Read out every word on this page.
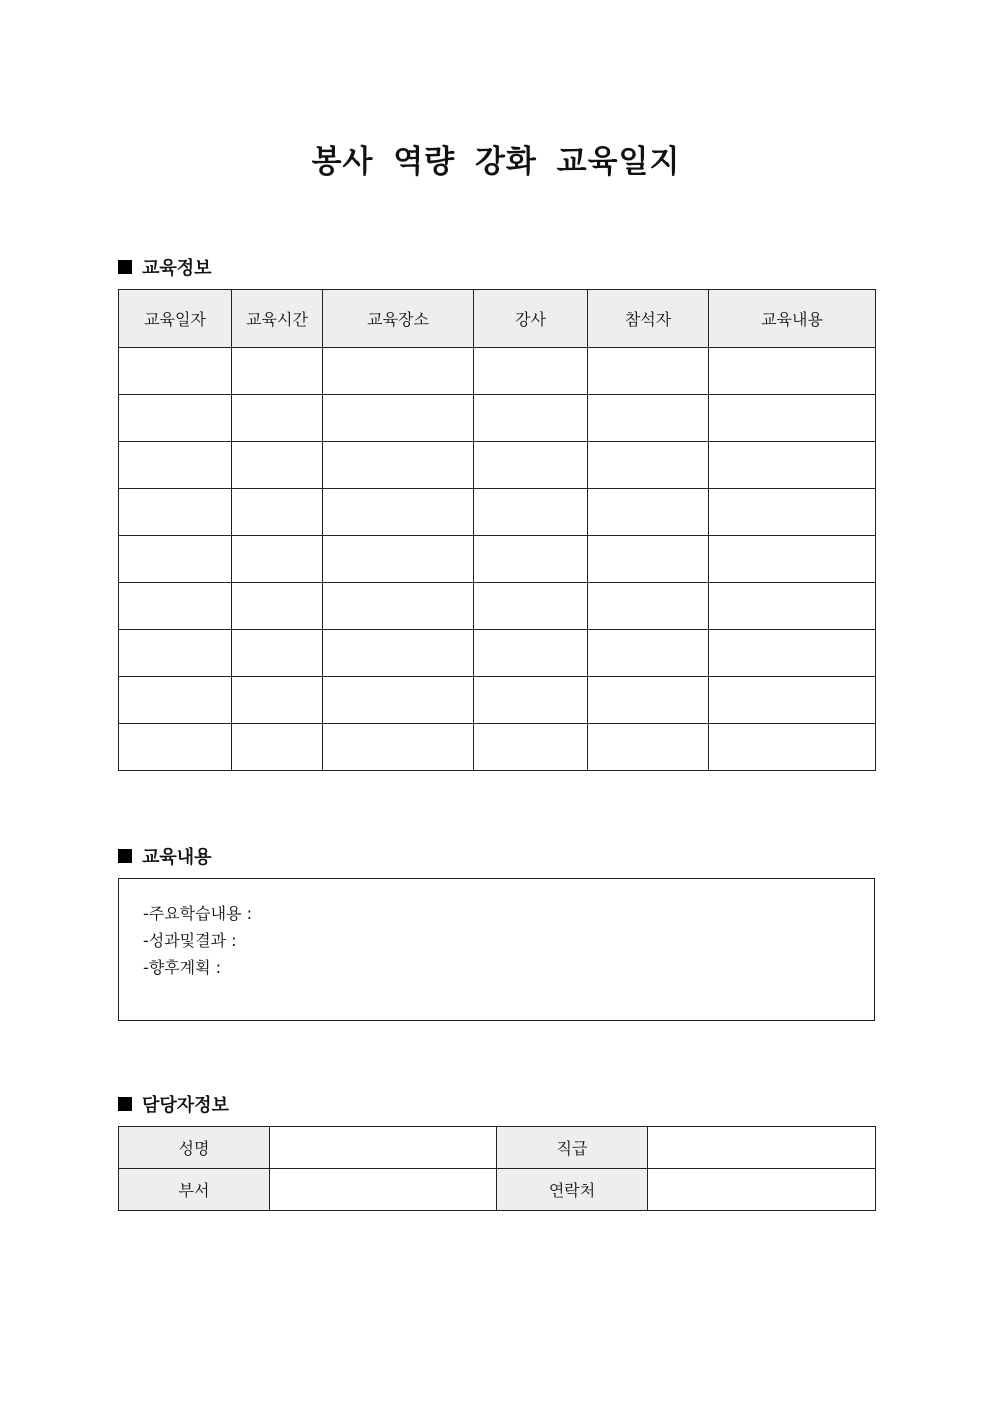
봉사 역량 강화 교육일지
교육정보
교육일자	교육시간	교육장소	강사	참석자	교육내용

교육내용
-주요학습내용 :
-성과및결과 :
-향후계획 :
담당자정보
성명		직급	
부서		연락처	
